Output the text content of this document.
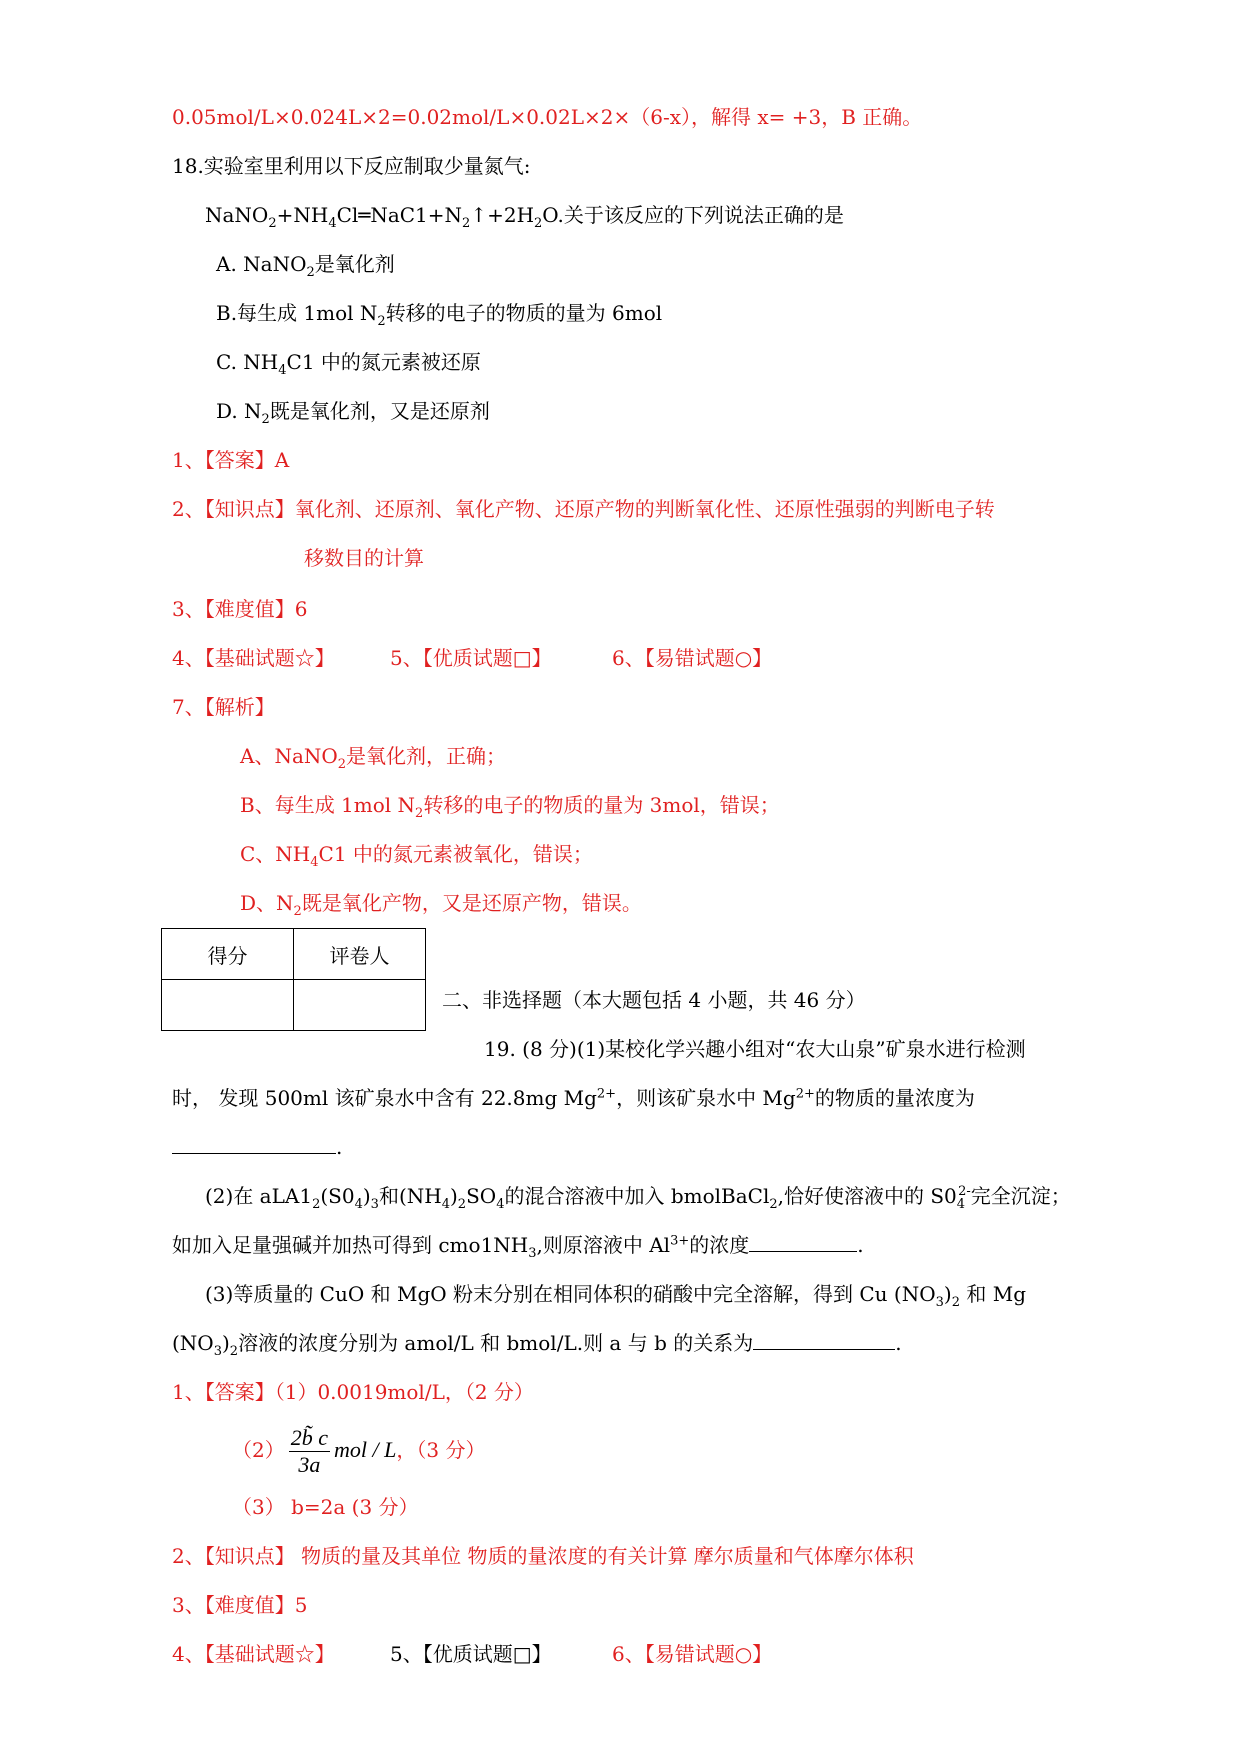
0.05mol/L×0.024L×2=0.02mol/L×0.02L×2×（6-x），解得 x= +3，B 正确。
18.实验室里利用以下反应制取少量氮气:
$NaNO_2+NH_4Cl═NaC1+N_2↑+2H_2O$.关于该反应的下列说法正确的是
A. NaNO$_2$是氧化剂
B.每生成 1mol $N_2$转移的电子的物质的量为 6mol
C. $NH_4C1$ 中的氮元素被还原
D. $N_2$既是氧化剂，又是还原剂
1、【答案】A
2、【知识点】氧化剂、还原剂、氧化产物、还原产物的判断氧化性、还原性强弱的判断电子转
移数目的计算
3、【难度值】6
4、【基础试题☆】	5、【优质试题□】	6、【易错试题○】
7、【解析】
A、NaNO$_2$是氧化剂，正确；
B、每生成 1mol $N_2$转移的电子的物质的量为 3mol，错误；
C、$NH_4C1$ 中的氮元素被氧化，错误；
D、$N_2$既是氧化产物，又是还原产物，错误。
得分	评卷人

二、非选择题（本大题包括 4 小题，共 46 分）
19. (8 分)(1)某校化学兴趣小组对“农大山泉”矿泉水进行检测
时， 发现 500ml 该矿泉水中含有 22.8mg $Mg^{2+}$，则该矿泉水中 $Mg^{2+}$的物质的量浓度为
.
(2)在 $aLA1_2(S0_4)_3$和$(NH_4)_2SO_4$的混合溶液中加入 bmolBaCl$_2$,恰好使溶液中的 $S0_4^{2-}$完全沉淀；
如加入足量强碱并加热可得到 $cmo1NH_3$,则原溶液中 $Al^{3+}$的浓度	.
(3)等质量的 CuO 和 MgO 粉末分别在相同体积的硝酸中完全溶解，得到 Cu $(NO_3)_2$ 和 Mg
$(NO_3)_2$溶液的浓度分别为 amol/L 和 bmol/L.则 a 与 b 的关系为	.
1、【答案】（1）0.0019mol/L，（2 分）
$(2) \frac{2b̃ c}{3a}$ mol / L，（3 分）
（3） b=2a (3 分）
2、【知识点】 物质的量及其单位 物质的量浓度的有关计算 摩尔质量和气体摩尔体积
3、【难度值】5
4、【基础试题☆】	5、【优质试题□】	6、【易错试题○】
